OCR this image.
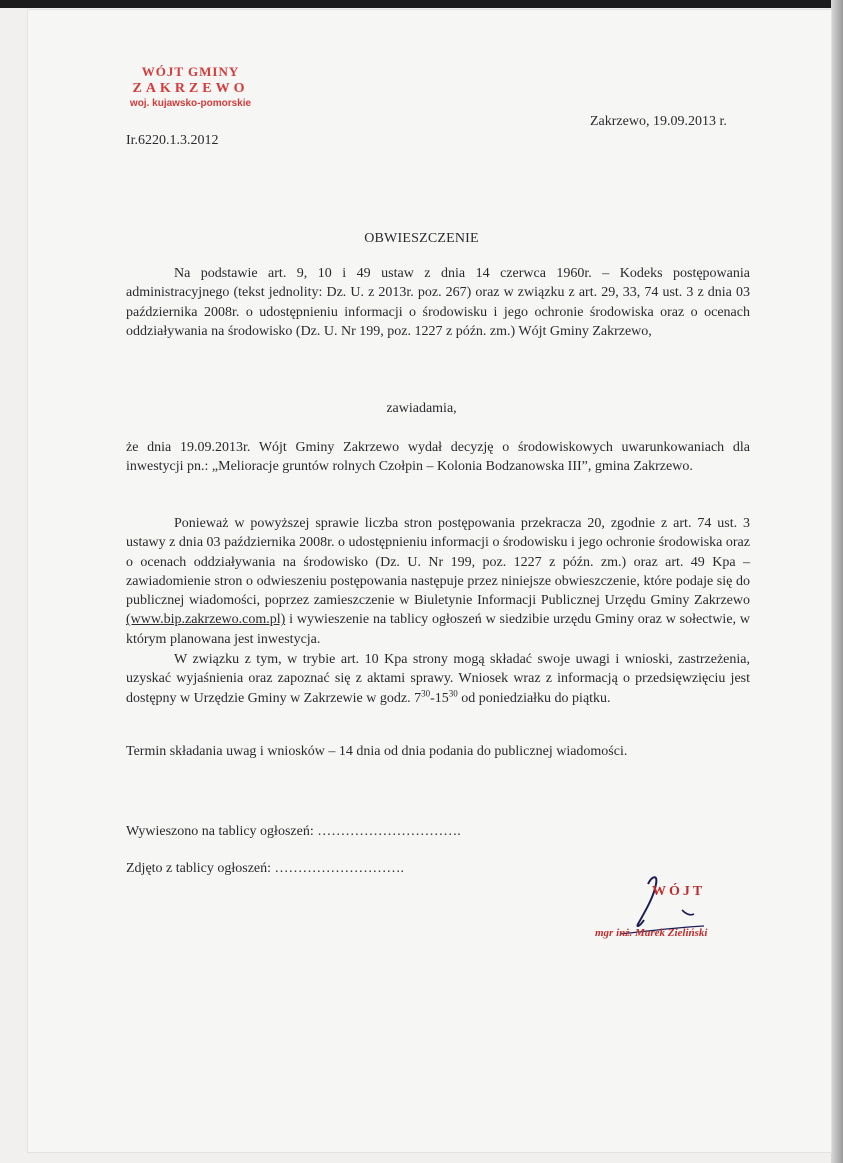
WÓJT GMINY
ZAKRZEWO
woj. kujawsko-pomorskie
Ir.6220.1.3.2012
Zakrzewo, 19.09.2013 r.
OBWIESZCZENIE
Na podstawie art. 9, 10 i 49 ustaw z dnia 14 czerwca 1960r. – Kodeks postępowania administracyjnego (tekst jednolity: Dz. U. z 2013r. poz. 267) oraz w związku z art. 29, 33, 74 ust. 3 z dnia 03 października 2008r. o udostępnieniu informacji o środowisku i jego ochronie środowiska oraz o ocenach oddziaływania na środowisko (Dz. U. Nr 199, poz. 1227 z późn. zm.) Wójt Gminy Zakrzewo,
zawiadamia,
że dnia 19.09.2013r. Wójt Gminy Zakrzewo wydał decyzję o środowiskowych uwarunkowaniach dla inwestycji pn.: „Melioracje gruntów rolnych Czołpin – Kolonia Bodzanowska III”, gmina Zakrzewo.
Ponieważ w powyższej sprawie liczba stron postępowania przekracza 20, zgodnie z art. 74 ust. 3 ustawy z dnia 03 października 2008r. o udostępnieniu informacji o środowisku i jego ochronie środowiska oraz o ocenach oddziaływania na środowisko (Dz. U. Nr 199, poz. 1227 z późn. zm.) oraz art. 49 Kpa – zawiadomienie stron o odwieszeniu postępowania następuje przez niniejsze obwieszczenie, które podaje się do publicznej wiadomości, poprzez zamieszczenie w Biuletynie Informacji Publicznej Urzędu Gminy Zakrzewo (www.bip.zakrzewo.com.pl) i wywieszenie na tablicy ogłoszeń w siedzibie urzędu Gminy oraz w sołectwie, w którym planowana jest inwestycja.
W związku z tym, w trybie art. 10 Kpa strony mogą składać swoje uwagi i wnioski, zastrzeżenia, uzyskać wyjaśnienia oraz zapoznać się z aktami sprawy. Wniosek wraz z informacją o przedsięwzięciu jest dostępny w Urzędzie Gminy w Zakrzewie w godz. $7^{30}-15^{30}$ od poniedziałku do piątku.
Termin składania uwag i wniosków – 14 dnia od dnia podania do publicznej wiadomości.
Wywieszono na tablicy ogłoszeń: ………………………….
Zdjęto z tablicy ogłoszeń: ……………………….
WÓJT
mgr inż. Marek Zieliński
